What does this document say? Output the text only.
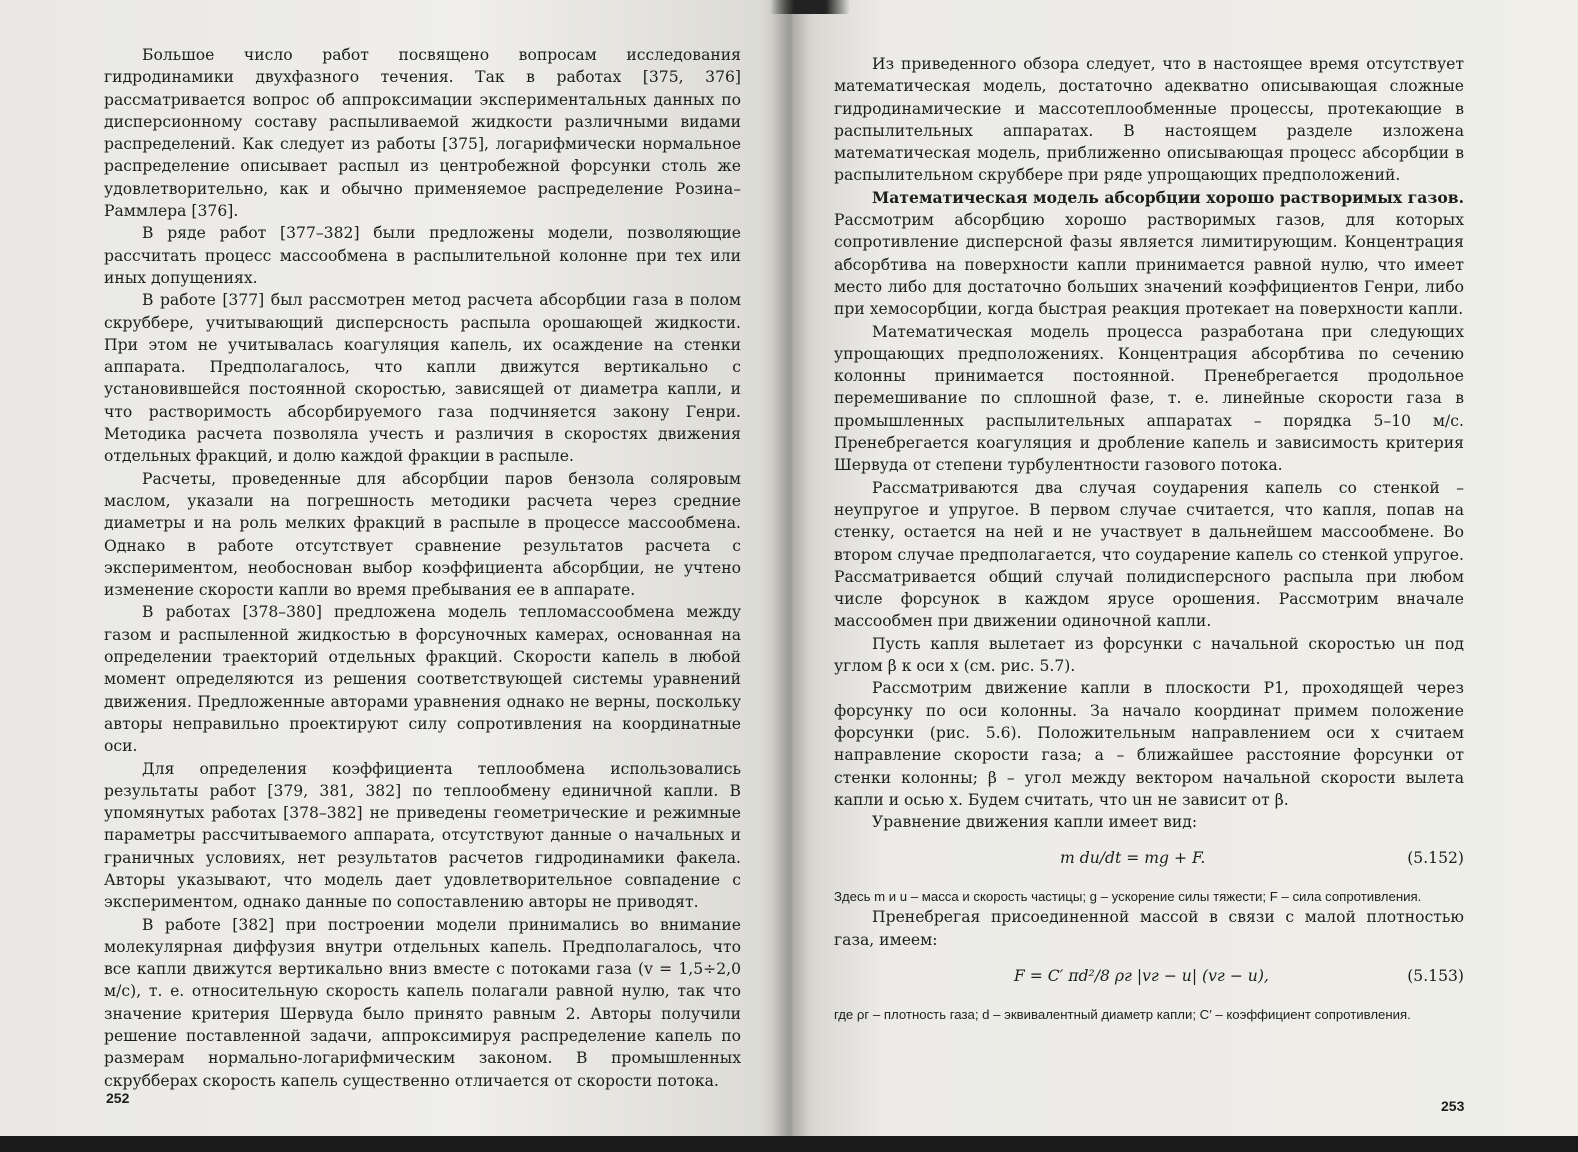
Большое число работ посвящено вопросам исследования гидродинамики двухфазного течения. Так в работах [375, 376] рассматривается вопрос об аппроксимации экспериментальных данных по дисперсионному составу распыливаемой жидкости различными видами распределений. Как следует из работы [375], логарифмически нормальное распределение описывает распыл из центробежной форсунки столь же удовлетворительно, как и обычно применяемое распределение Розина– Раммлера [376].

В ряде работ [377–382] были предложены модели, позволяющие рассчитать процесс массообмена в распылительной колонне при тех или иных допущениях.

В работе [377] был рассмотрен метод расчета абсорбции газа в полом скруббере, учитывающий дисперсность распыла орошающей жидкости. При этом не учитывалась коагуляция капель, их осаждение на стенки аппарата. Предполагалось, что капли движутся вертикально с установившейся постоянной скоростью, зависящей от диаметра капли, и что растворимость абсорбируемого газа подчиняется закону Генри. Методика расчета позволяла учесть и различия в скоростях движения отдельных фракций, и долю каждой фракции в распыле.

Расчеты, проведенные для абсорбции паров бензола соляровым маслом, указали на погрешность методики расчета через средние диаметры и на роль мелких фракций в распыле в процессе массообмена. Однако в работе отсутствует сравнение результатов расчета с экспериментом, необоснован выбор коэффициента абсорбции, не учтено изменение скорости капли во время пребывания ее в аппарате.

В работах [378–380] предложена модель тепломассообмена между газом и распыленной жидкостью в форсуночных камерах, основанная на определении траекторий отдельных фракций. Скорости капель в любой момент определяются из решения соответствующей системы уравнений движения. Предложенные авторами уравнения однако не верны, поскольку авторы неправильно проектируют силу сопротивления на координатные оси.

Для определения коэффициента теплообмена использовались результаты работ [379, 381, 382] по теплообмену единичной капли. В упомянутых работах [378–382] не приведены геометрические и режимные параметры рассчитываемого аппарата, отсутствуют данные о начальных и граничных условиях, нет результатов расчетов гидродинамики факела. Авторы указывают, что модель дает удовлетворительное совпадение с экспериментом, однако данные по сопоставлению авторы не приводят.

В работе [382] при построении модели принимались во внимание молекулярная диффузия внутри отдельных капель. Предполагалось, что все капли движутся вертикально вниз вместе с потоками газа (v = 1,5÷2,0 м/с), т. е. относительную скорость капель полагали равной нулю, так что значение критерия Шервуда было принято равным 2. Авторы получили решение поставленной задачи, аппроксимируя распределение капель по размерам нормально-логарифмическим законом. В промышленных скрубберах скорость капель существенно отличается от скорости потока.

252

Из приведенного обзора следует, что в настоящее время отсутствует математическая модель, достаточно адекватно описывающая сложные гидродинамические и массотеплообменные процессы, протекающие в распылительных аппаратах. В настоящем разделе изложена математическая модель, приближенно описывающая процесс абсорбции в распылительном скруббере при ряде упрощающих предположений.

Математическая модель абсорбции хорошо растворимых газов. Рассмотрим абсорбцию хорошо растворимых газов, для которых сопротивление дисперсной фазы является лимитирующим. Концентрация абсорбтива на поверхности капли принимается равной нулю, что имеет место либо для достаточно больших значений коэффициентов Генри, либо при хемосорбции, когда быстрая реакция протекает на поверхности капли.

Математическая модель процесса разработана при следующих упрощающих предположениях. Концентрация абсорбтива по сечению колонны принимается постоянной. Пренебрегается продольное перемешивание по сплошной фазе, т. е. линейные скорости газа в промышленных распылительных аппаратах – порядка 5–10 м/с. Пренебрегается коагуляция и дробление капель и зависимость критерия Шервуда от степени турбулентности газового потока.

Рассматриваются два случая соударения капель со стенкой – неупругое и упругое. В первом случае считается, что капля, попав на стенку, остается на ней и не участвует в дальнейшем массообмене. Во втором случае предполагается, что соударение капель со стенкой упругое. Рассматривается общий случай полидисперсного распыла при любом числе форсунок в каждом ярусе орошения. Рассмотрим вначале массообмен при движении одиночной капли.

Пусть капля вылетает из форсунки с начальной скоростью uн под углом β к оси x (см. рис. 5.7).

Рассмотрим движение капли в плоскости P1, проходящей через форсунку по оси колонны. За начало координат примем положение форсунки (рис. 5.6). Положительным направлением оси x считаем направление скорости газа; a – ближайшее расстояние форсунки от стенки колонны; β – угол между вектором начальной скорости вылета капли и осью x. Будем считать, что uн не зависит от β.

Уравнение движения капли имеет вид:

m du/dt = mg + F.	(5.152)

Здесь m и u – масса и скорость частицы; g – ускорение силы тяжести; F – сила сопротивления.

Пренебрегая присоединенной массой в связи с малой плотностью газа, имеем:

F = C′ πd²/8 ρг |vг − u| (vг − u),	(5.153)

где ρг – плотность газа; d – эквивалентный диаметр капли; C′ – коэффициент сопротивления.

253
